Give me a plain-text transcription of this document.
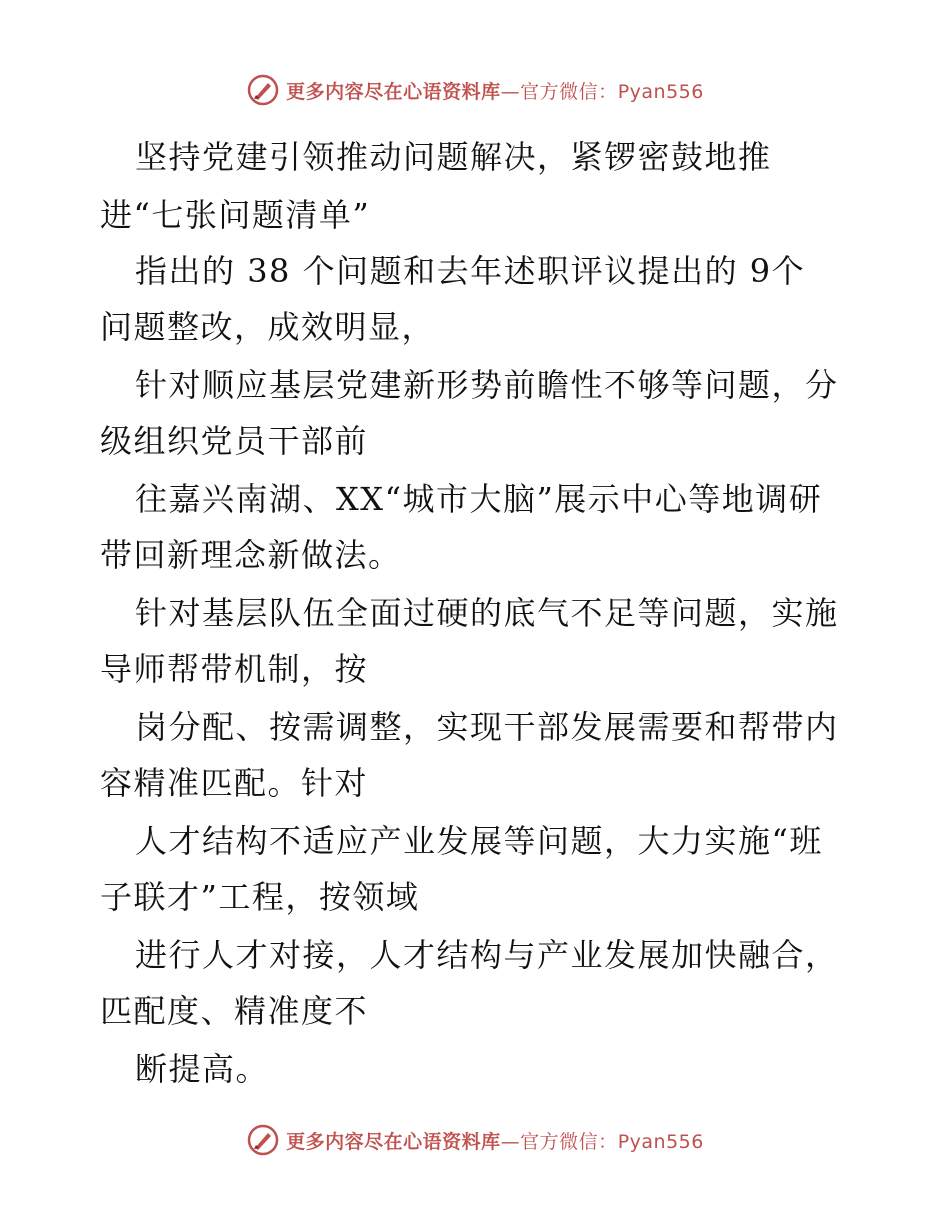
更多内容尽在心语资料库—官方微信：Pyan556
坚持党建引领推动问题解决，紧锣密鼓地推
进“七张问题清单”
指出的 38 个问题和去年述职评议提出的 9个
问题整改，成效明显，
针对顺应基层党建新形势前瞻性不够等问题，分
级组织党员干部前
往嘉兴南湖、XX“城市大脑”展示中心等地调研
带回新理念新做法。
针对基层队伍全面过硬的底气不足等问题，实施
导师帮带机制，按
岗分配、按需调整，实现干部发展需要和帮带内
容精准匹配。针对
人才结构不适应产业发展等问题，大力实施“班
子联才”工程，按领域
进行人才对接，人才结构与产业发展加快融合，
匹配度、精准度不
断提高。
更多内容尽在心语资料库—官方微信：Pyan556
